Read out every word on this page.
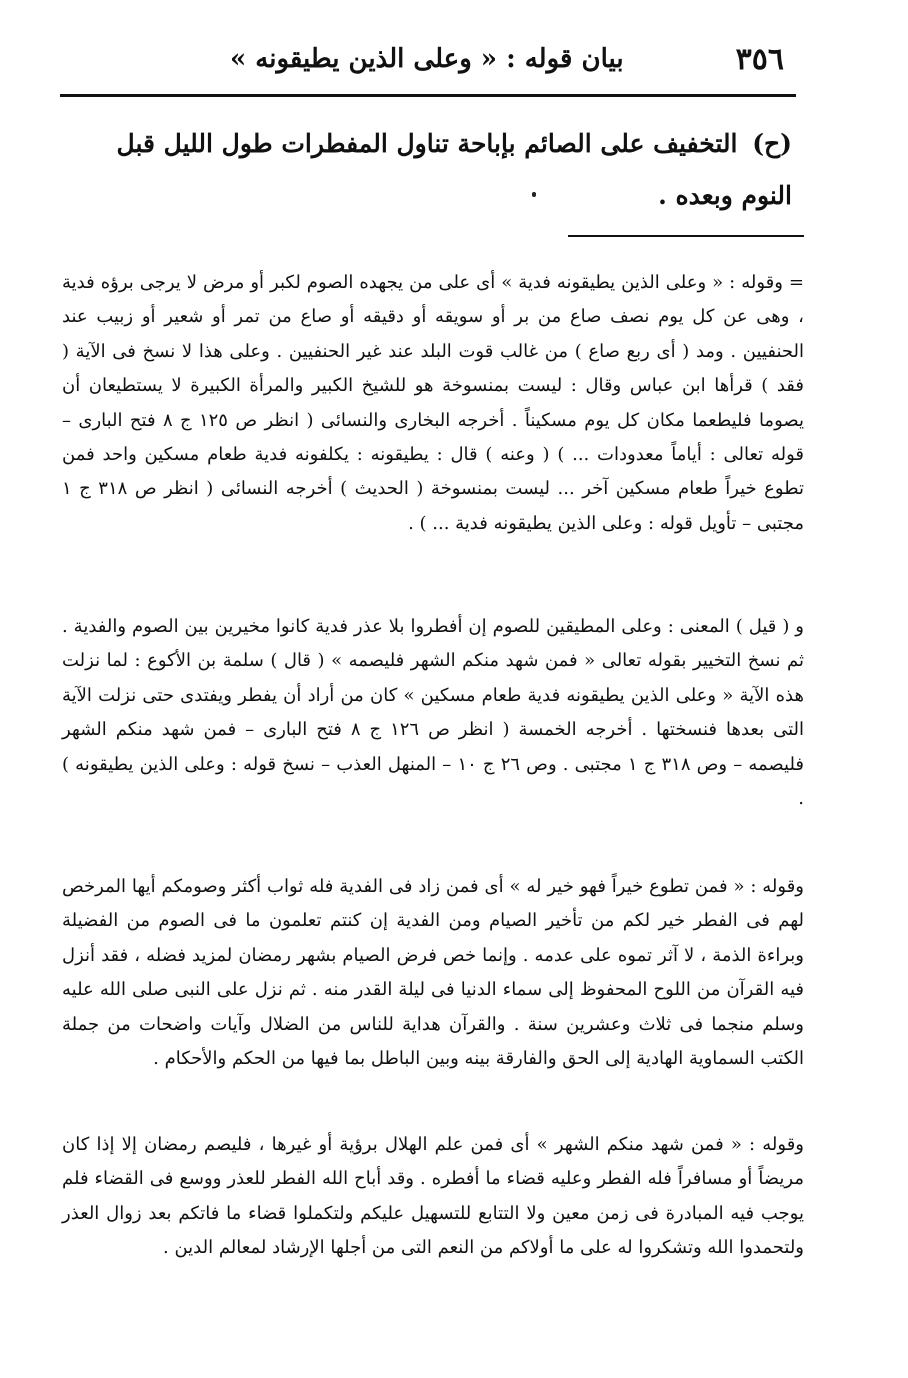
٣٥٦
بيان قوله : « وعلى الذين يطيقونه »
(ح) التخفيف على الصائم بإباحة تناول المفطرات طول الليل قبل النوم وبعده .

= وقوله : « وعلى الذين يطيقونه فدية » أى على من يجهده الصوم لكبر أو مرض لا يرجى برؤه فدية ، وهى عن كل يوم نصف صاع من بر أو سويقه أو دقيقه أو صاع من تمر أو شعير أو زبيب عند الحنفيين . ومد ( أى ربع صاع ) من غالب قوت البلد عند غير الحنفيين . وعلى هذا لا نسخ فى الآية ( فقد ) قرأها ابن عباس وقال : ليست بمنسوخة هو للشيخ الكبير والمرأة الكبيرة لا يستطيعان أن يصوما فليطعما مكان كل يوم مسكيناً . أخرجه البخارى والنسائى ( انظر ص ١٢٥ ج ٨ فتح البارى – قوله تعالى : أياماً معدودات ... ) ( وعنه ) قال : يطيقونه : يكلفونه فدية طعام مسكين واحد فمن تطوع خيراً طعام مسكين آخر ... ليست بمنسوخة ( الحديث ) أخرجه النسائى ( انظر ص ٣١٨ ج ١ مجتبى – تأويل قوله : وعلى الذين يطيقونه فدية ... ) .

و ( قيل ) المعنى : وعلى المطيقين للصوم إن أفطروا بلا عذر فدية كانوا مخيرين بين الصوم والفدية . ثم نسخ التخيير بقوله تعالى « فمن شهد منكم الشهر فليصمه » ( قال ) سلمة بن الأكوع : لما نزلت هذه الآية « وعلى الذين يطيقونه فدية طعام مسكين » كان من أراد أن يفطر ويفتدى حتى نزلت الآية التى بعدها فنسختها . أخرجه الخمسة ( انظر ص ١٢٦ ج ٨ فتح البارى – فمن شهد منكم الشهر فليصمه – وص ٣١٨ ج ١ مجتبى . وص ٢٦ ج ١٠ – المنهل العذب – نسخ قوله : وعلى الذين يطيقونه ) .

وقوله : « فمن تطوع خيراً فهو خير له » أى فمن زاد فى الفدية فله ثواب أكثر وصومكم أيها المرخص لهم فى الفطر خير لكم من تأخير الصيام ومن الفدية إن كنتم تعلمون ما فى الصوم من الفضيلة وبراءة الذمة ، لا آثر تموه على عدمه . وإنما خص فرض الصيام بشهر رمضان لمزيد فضله ، فقد أنزل فيه القرآن من اللوح المحفوظ إلى سماء الدنيا فى ليلة القدر منه . ثم نزل على النبى صلى الله عليه وسلم منجما فى ثلاث وعشرين سنة . والقرآن هداية للناس من الضلال وآيات واضحات من جملة الكتب السماوية الهادية إلى الحق والفارقة بينه وبين الباطل بما فيها من الحكم والأحكام .

وقوله : « فمن شهد منكم الشهر » أى فمن علم الهلال برؤية أو غيرها ، فليصم رمضان إلا إذا كان مريضاً أو مسافراً فله الفطر وعليه قضاء ما أفطره . وقد أباح الله الفطر للعذر ووسع فى القضاء فلم يوجب فيه المبادرة فى زمن معين ولا التتابع للتسهيل عليكم ولتكملوا قضاء ما فاتكم بعد زوال العذر ولتحمدوا الله وتشكروا له على ما أولاكم من النعم التى من أجلها الإرشاد لمعالم الدين .
